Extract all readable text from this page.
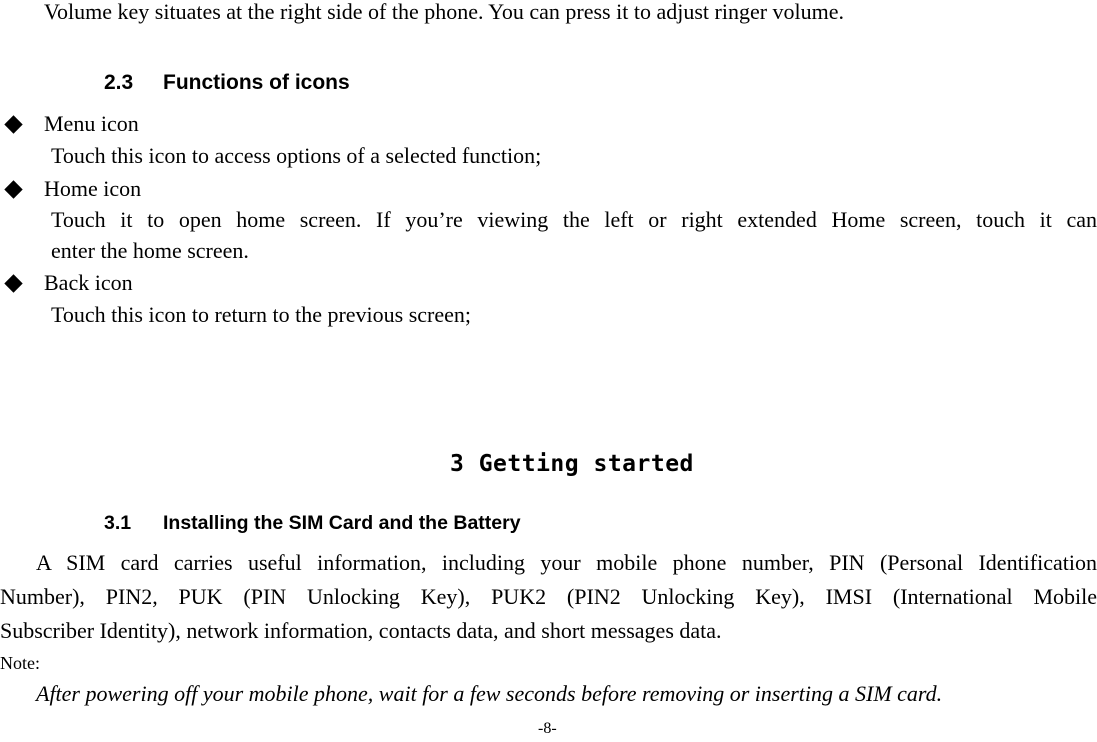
Volume key situates at the right side of the phone. You can press it to adjust ringer volume.
2.3 Functions of icons
Menu icon
Touch this icon to access options of a selected function;
Home icon
Touch it to open home screen. If you’re viewing the left or right extended Home screen, touch it can
enter the home screen.
Back icon
Touch this icon to return to the previous screen;
3 Getting started
3.1 Installing the SIM Card and the Battery
A SIM card carries useful information, including your mobile phone number, PIN (Personal Identification
Number), PIN2, PUK (PIN Unlocking Key), PUK2 (PIN2 Unlocking Key), IMSI (International Mobile
Subscriber Identity), network information, contacts data, and short messages data.
Note:
After powering off your mobile phone, wait for a few seconds before removing or inserting a SIM card.
-8-
